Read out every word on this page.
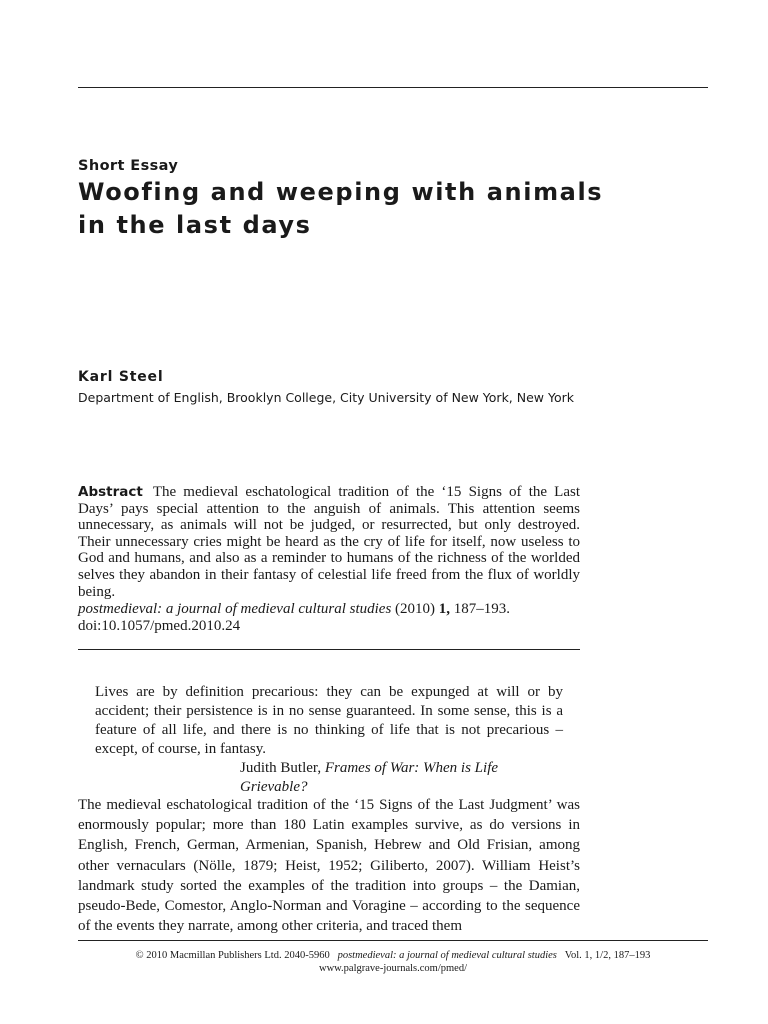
Short Essay
Woofing and weeping with animals
in the last days
Karl Steel
Department of English, Brooklyn College, City University of New York, New York
Abstract The medieval eschatological tradition of the ‘15 Signs of the Last Days’ pays special attention to the anguish of animals. This attention seems unnecessary, as animals will not be judged, or resurrected, but only destroyed. Their unnecessary cries might be heard as the cry of life for itself, now useless to God and humans, and also as a reminder to humans of the richness of the worlded selves they abandon in their fantasy of celestial life freed from the flux of worldly being.
postmedieval: a journal of medieval cultural studies (2010) 1, 187–193.
doi:10.1057/pmed.2010.24
Lives are by definition precarious: they can be expunged at will or by accident; their persistence is in no sense guaranteed. In some sense, this is a feature of all life, and there is no thinking of life that is not precarious – except, of course, in fantasy.
Judith Butler, Frames of War: When is Life Grievable?
The medieval eschatological tradition of the ‘15 Signs of the Last Judgment’ was enormously popular; more than 180 Latin examples survive, as do versions in English, French, German, Armenian, Spanish, Hebrew and Old Frisian, among other vernaculars (Nölle, 1879; Heist, 1952; Giliberto, 2007). William Heist’s landmark study sorted the examples of the tradition into groups – the Damian, pseudo-Bede, Comestor, Anglo-Norman and Voragine – according to the sequence of the events they narrate, among other criteria, and traced them
© 2010 Macmillan Publishers Ltd. 2040-5960 postmedieval: a journal of medieval cultural studies Vol. 1, 1/2, 187–193
www.palgrave-journals.com/pmed/
